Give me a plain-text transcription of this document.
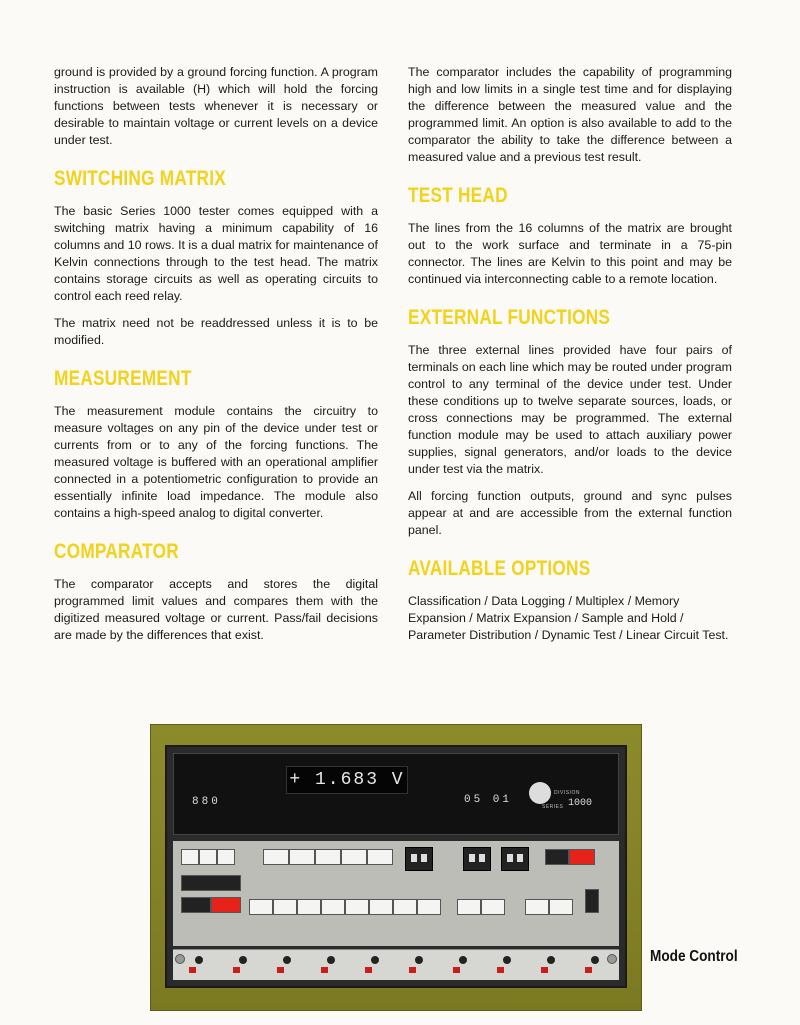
ground is provided by a ground forcing function. A program instruction is available (H) which will hold the forcing functions between tests whenever it is necessary or desirable to maintain voltage or current levels on a device under test.

SWITCHING MATRIX

The basic Series 1000 tester comes equipped with a switching matrix having a minimum capability of 16 columns and 10 rows. It is a dual matrix for maintenance of Kelvin connections through to the test head. The matrix contains storage circuits as well as operating circuits to control each reed relay.

The matrix need not be readdressed unless it is to be modified.

MEASUREMENT

The measurement module contains the circuitry to measure voltages on any pin of the device under test or currents from or to any of the forcing functions. The measured voltage is buffered with an operational amplifier connected in a potentiometric configuration to provide an essentially infinite load impedance. The module also contains a high-speed analog to digital converter.

COMPARATOR

The comparator accepts and stores the digital programmed limit values and compares them with the digitized measured voltage or current. Pass/fail decisions are made by the differences that exist.

The comparator includes the capability of programming high and low limits in a single test time and for displaying the difference between the measured value and the programmed limit. An option is also available to add to the comparator the ability to take the difference between a measured value and a previous test result.

TEST HEAD

The lines from the 16 columns of the matrix are brought out to the work surface and terminate in a 75-pin connector. The lines are Kelvin to this point and may be continued via interconnecting cable to a remote location.

EXTERNAL FUNCTIONS

The three external lines provided have four pairs of terminals on each line which may be routed under program control to any terminal of the device under test. Under these conditions up to twelve separate sources, loads, or cross connections may be programmed. The external function module may be used to attach auxiliary power supplies, signal generators, and/or loads to the device under test via the matrix.

All forcing function outputs, ground and sync pulses appear at and are accessible from the external function panel.

AVAILABLE OPTIONS

Classification / Data Logging / Multiplex / Memory Expansion / Matrix Expansion / Sample and Hold / Parameter Distribution / Dynamic Test / Linear Circuit Test.

+ 1.683 V
880	05 01
DIVISION
SERIES 1000
Mode Control
